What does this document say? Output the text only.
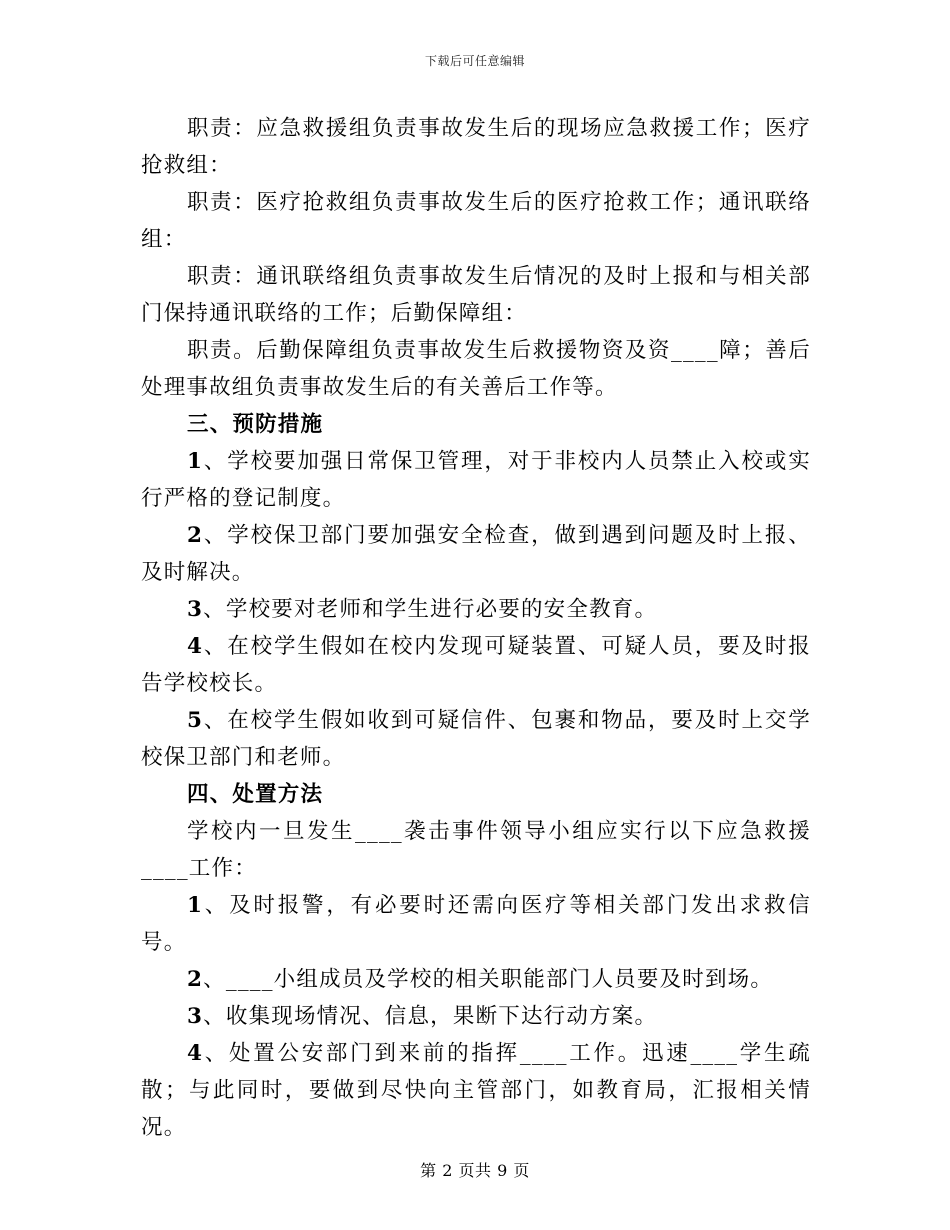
下载后可任意编辑

职责：应急救援组负责事故发生后的现场应急救援工作；医疗抢救组：

职责：医疗抢救组负责事故发生后的医疗抢救工作；通讯联络组：

职责：通讯联络组负责事故发生后情况的及时上报和与相关部门保持通讯联络的工作；后勤保障组：

职责。后勤保障组负责事故发生后救援物资及资____障；善后处理事故组负责事故发生后的有关善后工作等。

三、预防措施

1、学校要加强日常保卫管理，对于非校内人员禁止入校或实行严格的登记制度。

2、学校保卫部门要加强安全检查，做到遇到问题及时上报、及时解决。

3、学校要对老师和学生进行必要的安全教育。

4、在校学生假如在校内发现可疑装置、可疑人员，要及时报告学校校长。

5、在校学生假如收到可疑信件、包裹和物品，要及时上交学校保卫部门和老师。

四、处置方法

学校内一旦发生____袭击事件领导小组应实行以下应急救援____工作：

1、及时报警，有必要时还需向医疗等相关部门发出求救信号。

2、____小组成员及学校的相关职能部门人员要及时到场。

3、收集现场情况、信息，果断下达行动方案。

4、处置公安部门到来前的指挥____工作。迅速____学生疏散；与此同时，要做到尽快向主管部门，如教育局，汇报相关情况。

第 2 页共 9 页
